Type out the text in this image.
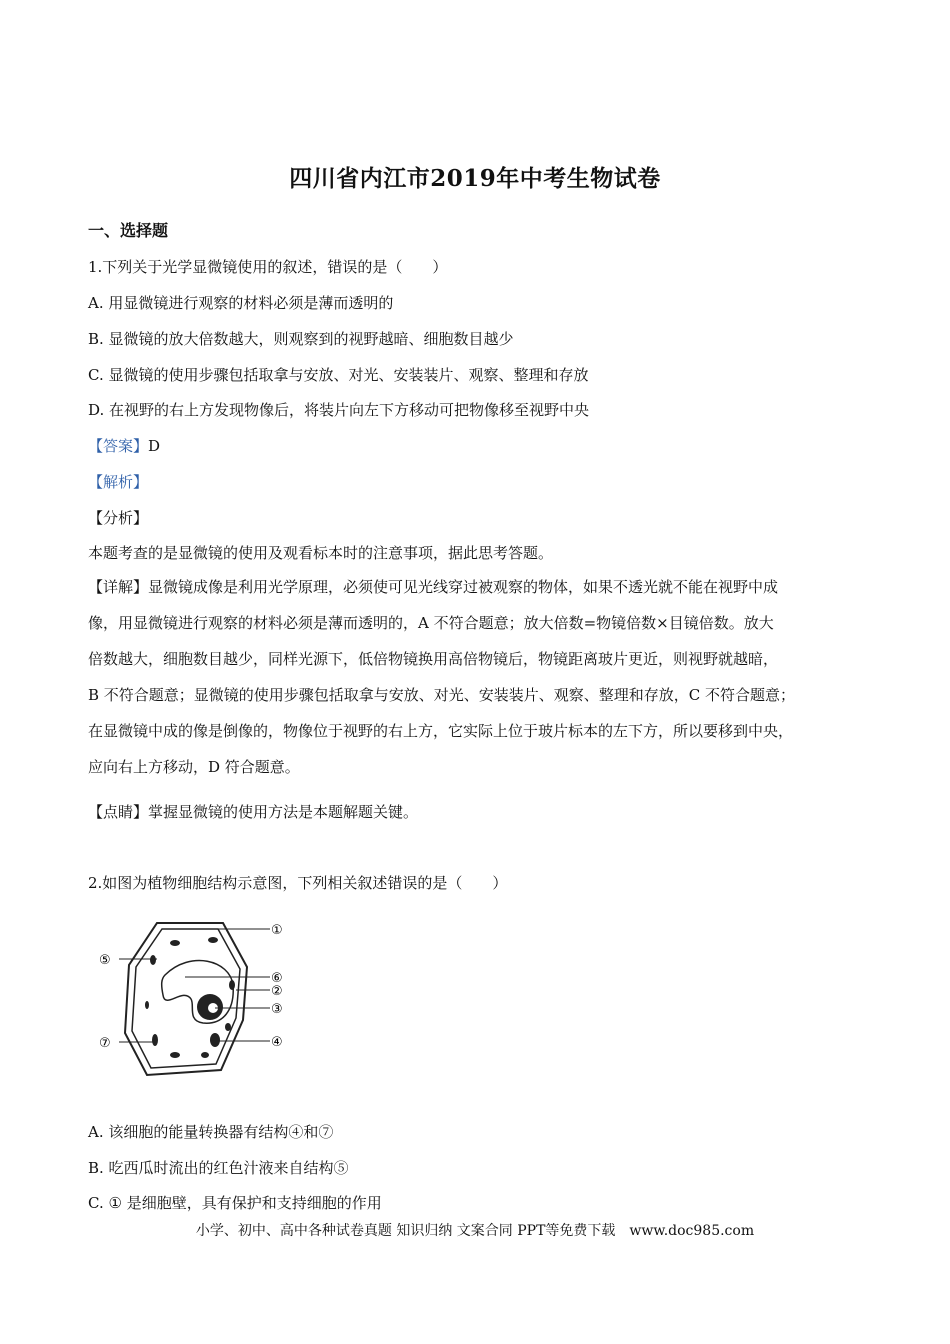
四川省内江市2019年中考生物试卷
一、选择题
1.下列关于光学显微镜使用的叙述，错误的是（　　）
A. 用显微镜进行观察的材料必须是薄而透明的
B. 显微镜的放大倍数越大，则观察到的视野越暗、细胞数目越少
C. 显微镜的使用步骤包括取拿与安放、对光、安装装片、观察、整理和存放
D. 在视野的右上方发现物像后，将装片向左下方移动可把物像移至视野中央
【答案】D
【解析】
【分析】
本题考查的是显微镜的使用及观看标本时的注意事项，据此思考答题。
【详解】显微镜成像是利用光学原理，必须使可见光线穿过被观察的物体，如果不透光就不能在视野中成
像，用显微镜进行观察的材料必须是薄而透明的，A 不符合题意；放大倍数=物镜倍数×目镜倍数。放大
倍数越大，细胞数目越少，同样光源下，低倍物镜换用高倍物镜后，物镜距离玻片更近，则视野就越暗，
B 不符合题意；显微镜的使用步骤包括取拿与安放、对光、安装装片、观察、整理和存放，C 不符合题意；
在显微镜中成的像是倒像的，物像位于视野的右上方，它实际上位于玻片标本的左下方，所以要移到中央，
应向右上方移动，D 符合题意。
【点睛】掌握显微镜的使用方法是本题解题关键。
2.如图为植物细胞结构示意图，下列相关叙述错误的是（　　）
①
②
③
④
⑤
⑥
⑦
A. 该细胞的能量转换器有结构④和⑦
B. 吃西瓜时流出的红色汁液来自结构⑤
C. ① 是细胞壁，具有保护和支持细胞的作用
小学、初中、高中各种试卷真题 知识归纳 文案合同 PPT等免费下载　www.doc985.com
